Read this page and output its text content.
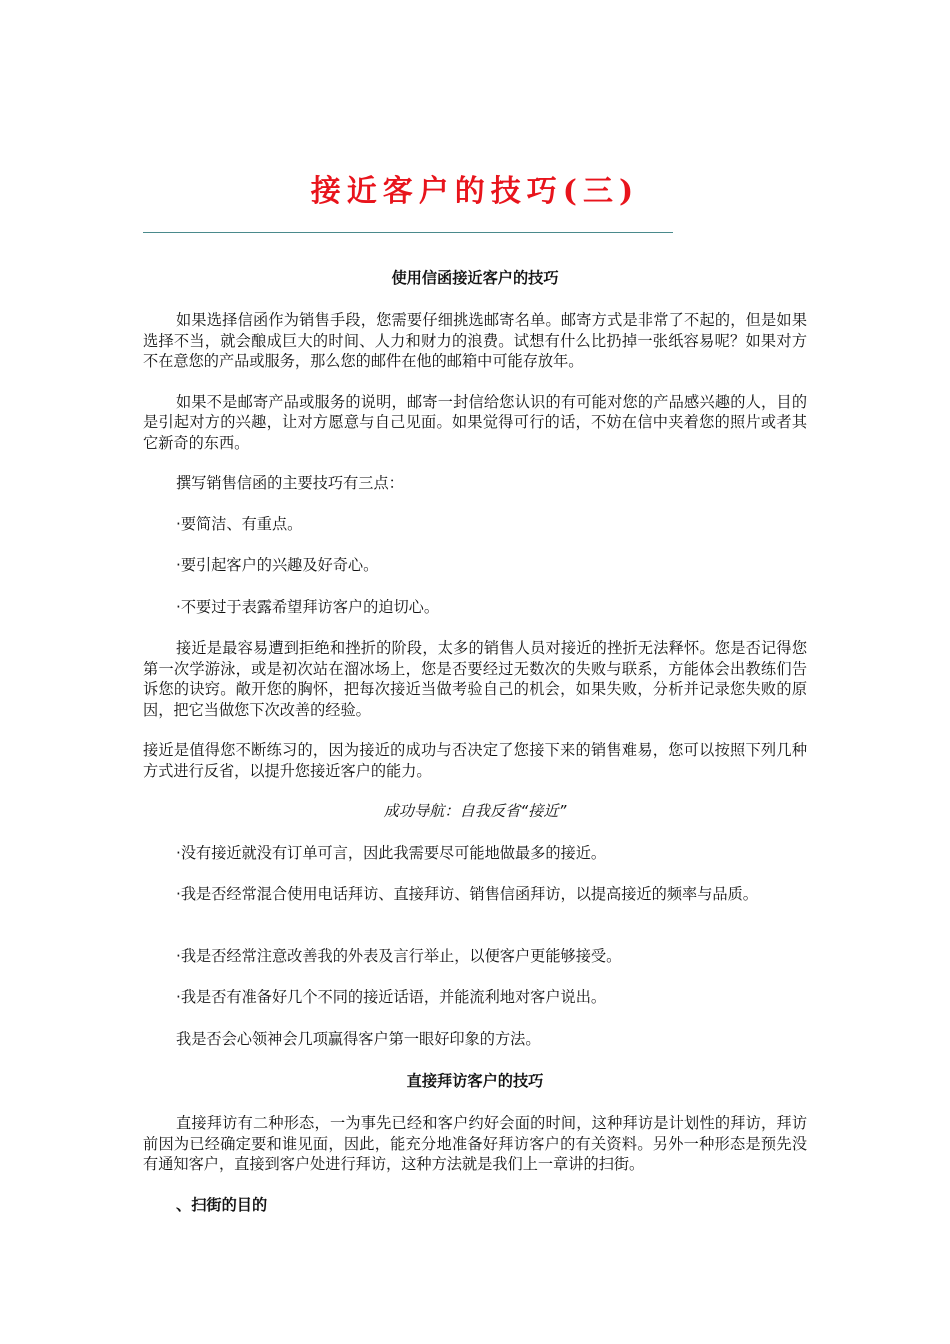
接近客户的技巧(三)
使用信函接近客户的技巧

如果选择信函作为销售手段，您需要仔细挑选邮寄名单。邮寄方式是非常了不起的，但是如果选择不当，就会酿成巨大的时间、人力和财力的浪费。试想有什么比扔掉一张纸容易呢？如果对方不在意您的产品或服务，那么您的邮件在他的邮箱中可能存放年。

如果不是邮寄产品或服务的说明，邮寄一封信给您认识的有可能对您的产品感兴趣的人，目的是引起对方的兴趣，让对方愿意与自己见面。如果觉得可行的话，不妨在信中夹着您的照片或者其它新奇的东西。

撰写销售信函的主要技巧有三点：

·要简洁、有重点。
·要引起客户的兴趣及好奇心。
·不要过于表露希望拜访客户的迫切心。

接近是最容易遭到拒绝和挫折的阶段，太多的销售人员对接近的挫折无法释怀。您是否记得您第一次学游泳，或是初次站在溜冰场上，您是否要经过无数次的失败与联系，方能体会出教练们告诉您的诀窍。敞开您的胸怀，把每次接近当做考验自己的机会，如果失败，分析并记录您失败的原因，把它当做您下次改善的经验。

接近是值得您不断练习的，因为接近的成功与否决定了您接下来的销售难易，您可以按照下列几种方式进行反省，以提升您接近客户的能力。

成功导航：自我反省“接近”
·没有接近就没有订单可言，因此我需要尽可能地做最多的接近。
·我是否经常混合使用电话拜访、直接拜访、销售信函拜访，以提高接近的频率与品质。
·我是否经常注意改善我的外表及言行举止，以便客户更能够接受。
·我是否有准备好几个不同的接近话语，并能流利地对客户说出。

我是否会心领神会几项赢得客户第一眼好印象的方法。

直接拜访客户的技巧

直接拜访有二种形态，一为事先已经和客户约好会面的时间，这种拜访是计划性的拜访，拜访前因为已经确定要和谁见面，因此，能充分地准备好拜访客户的有关资料。另外一种形态是预先没有通知客户，直接到客户处进行拜访，这种方法就是我们上一章讲的扫街。

、扫街的目的
